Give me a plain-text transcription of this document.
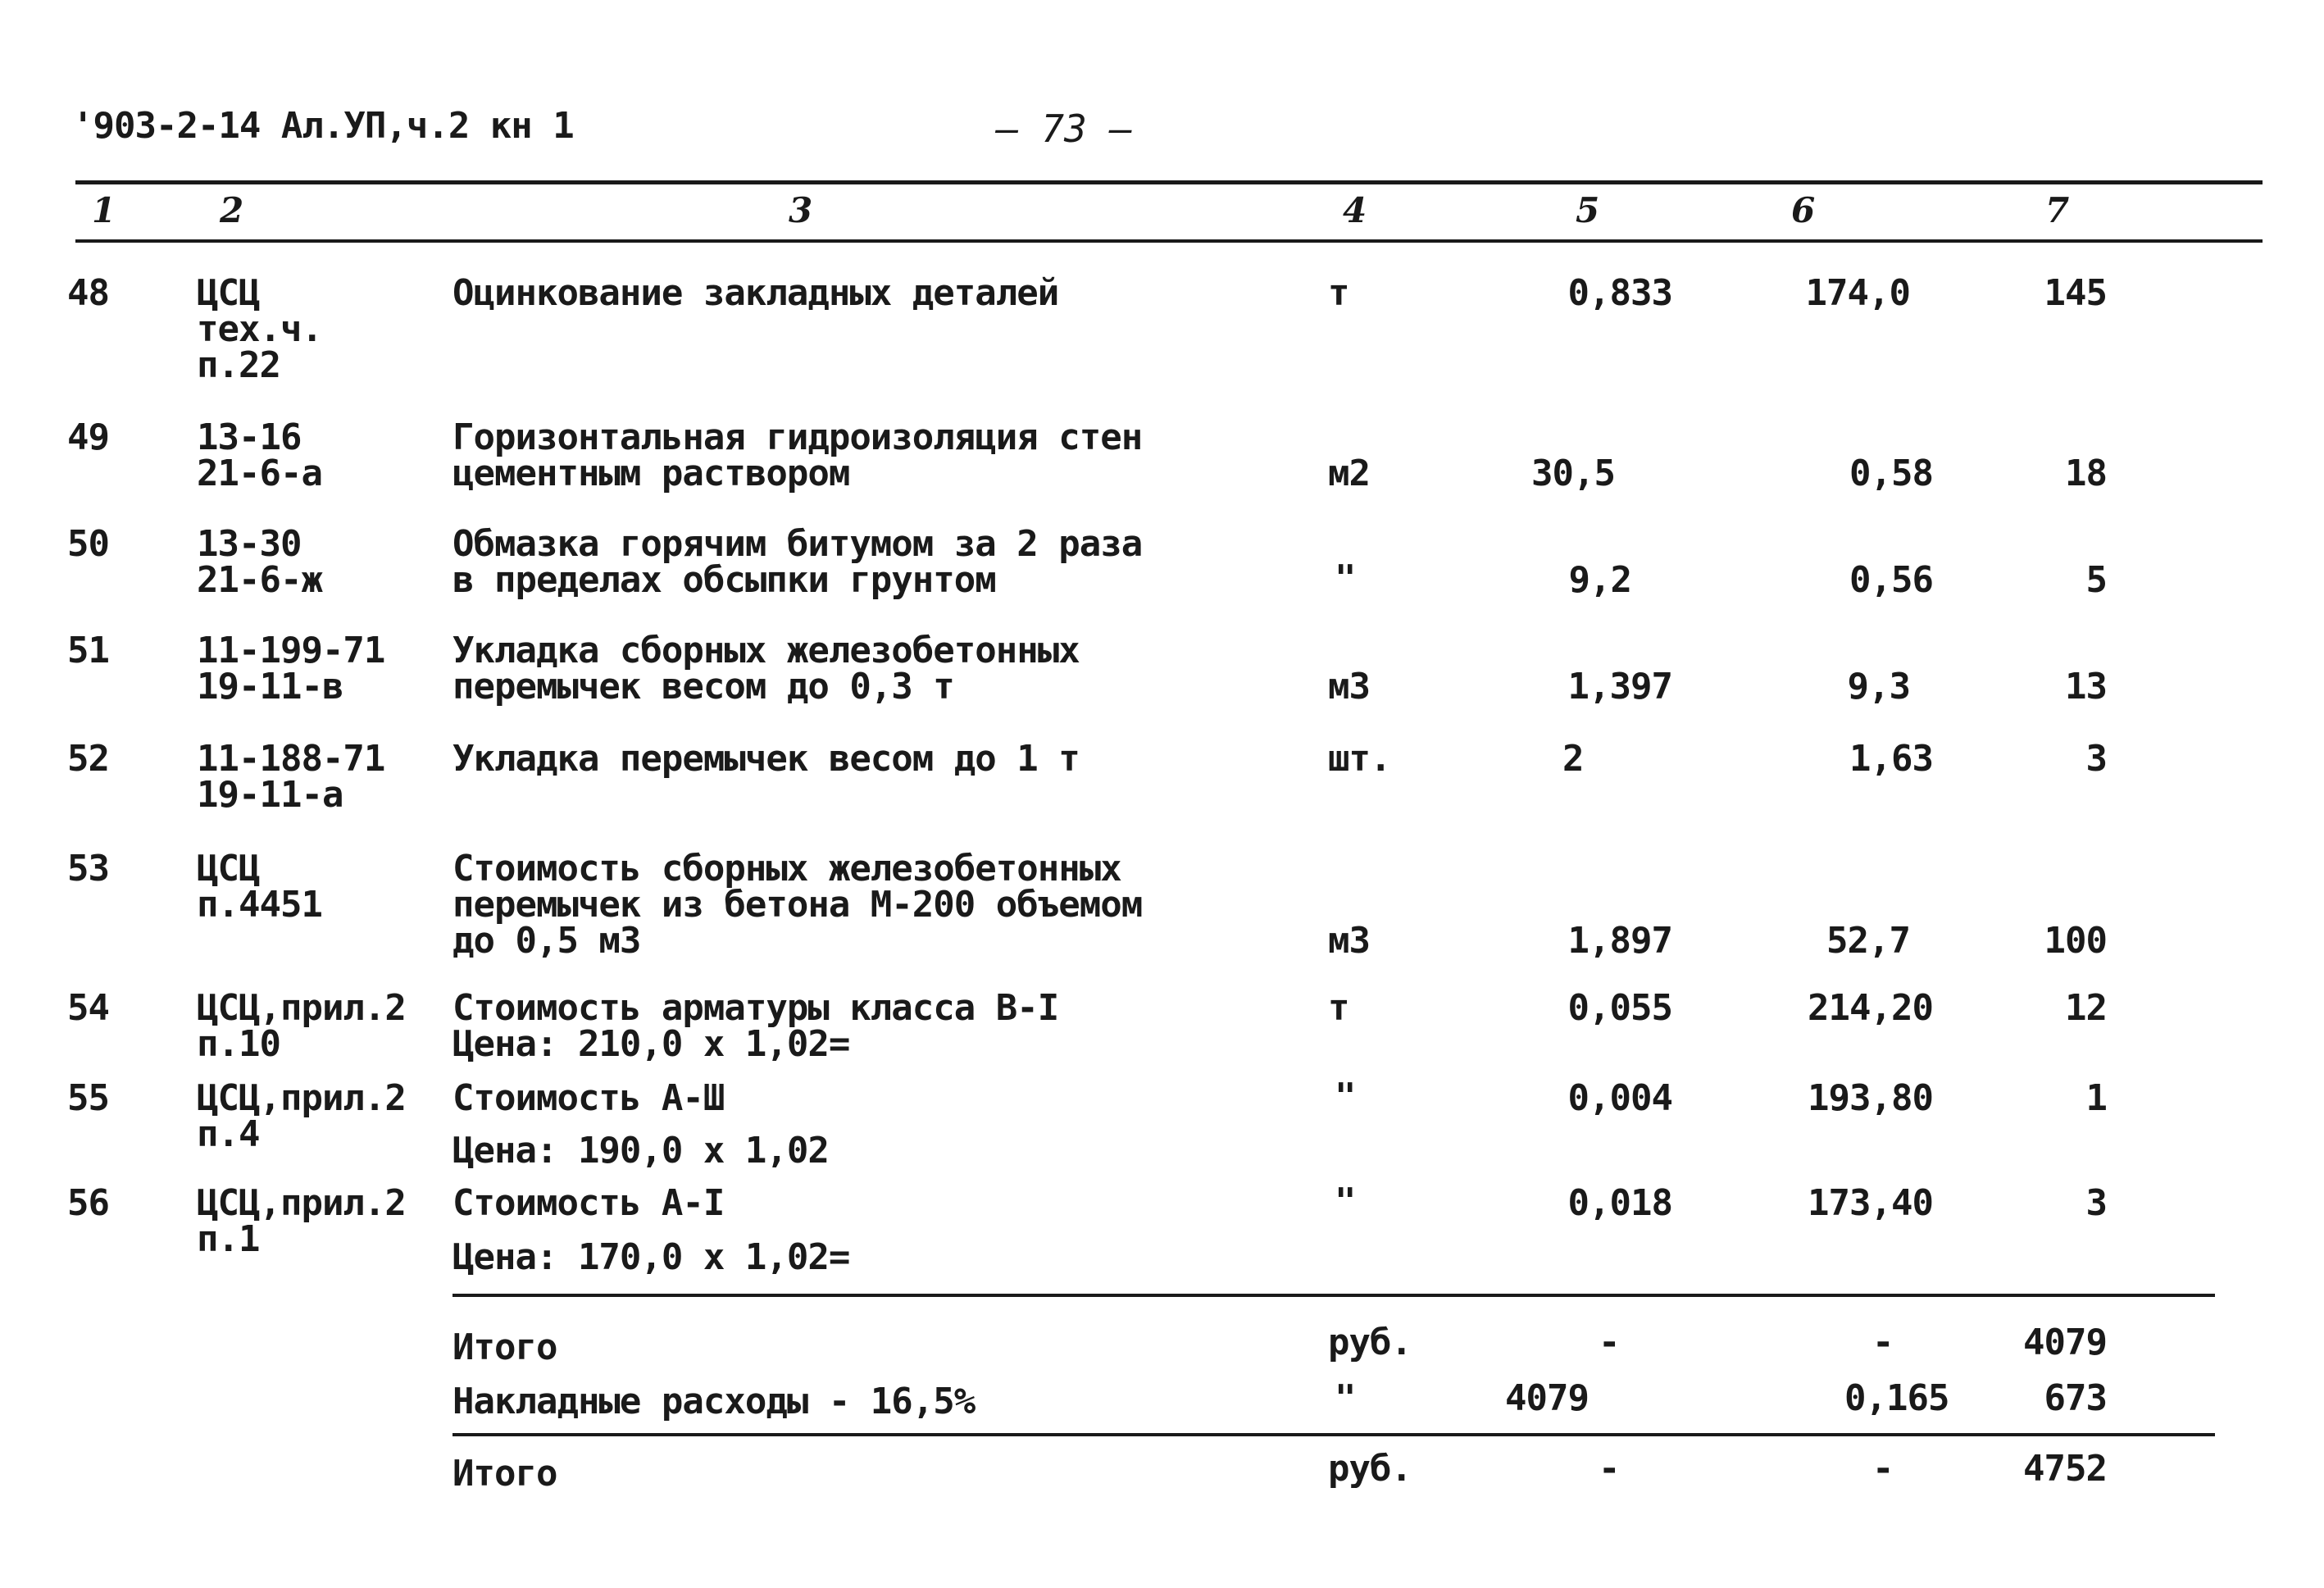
'903-2-14 Ал.УП,ч.2 кн 1	— 73 —
1	2	3	4	5	6	7
48 ЦСЦ
тех.ч.
п.22
Оцинкование закладных деталей	т	0,833	174,0	145
49 13-16
21-6-а
Горизонтальная гидроизоляция стен
цементным раствором	м2	30,5	0,58	18
50 13-30
21-6-ж
Обмазка горячим битумом за 2 раза
в пределах обсыпки грунтом	"	9,2	0,56	5
51 11-199-71
19-11-в
Укладка сборных железобетонных
перемычек весом до 0,3 т	м3	1,397	9,3	13
52 11-188-71
19-11-а
Укладка перемычек весом до 1 т	шт.	2	1,63	3
53 ЦСЦ
п.4451
Стоимость сборных железобетонных
перемычек из бетона М-200 объемом
до 0,5 м3	м3	1,897	52,7	100
54 ЦСЦ,прил.2
п.10
Стоимость арматуры класса В-I
Цена: 210,0 х 1,02=
т	0,055	214,20	12
55 ЦСЦ,прил.2
п.4
Стоимость А-Ш
Цена: 190,0 х 1,02
"	0,004	193,80	1
56 ЦСЦ,прил.2
п.1
Стоимость А-I
Цена: 170,0 х 1,02=
"	0,018	173,40	3
Итого	руб.	-	-	4079
Накладные расходы - 16,5%	"	4079	0,165	673
Итого	руб.	-	-	4752
